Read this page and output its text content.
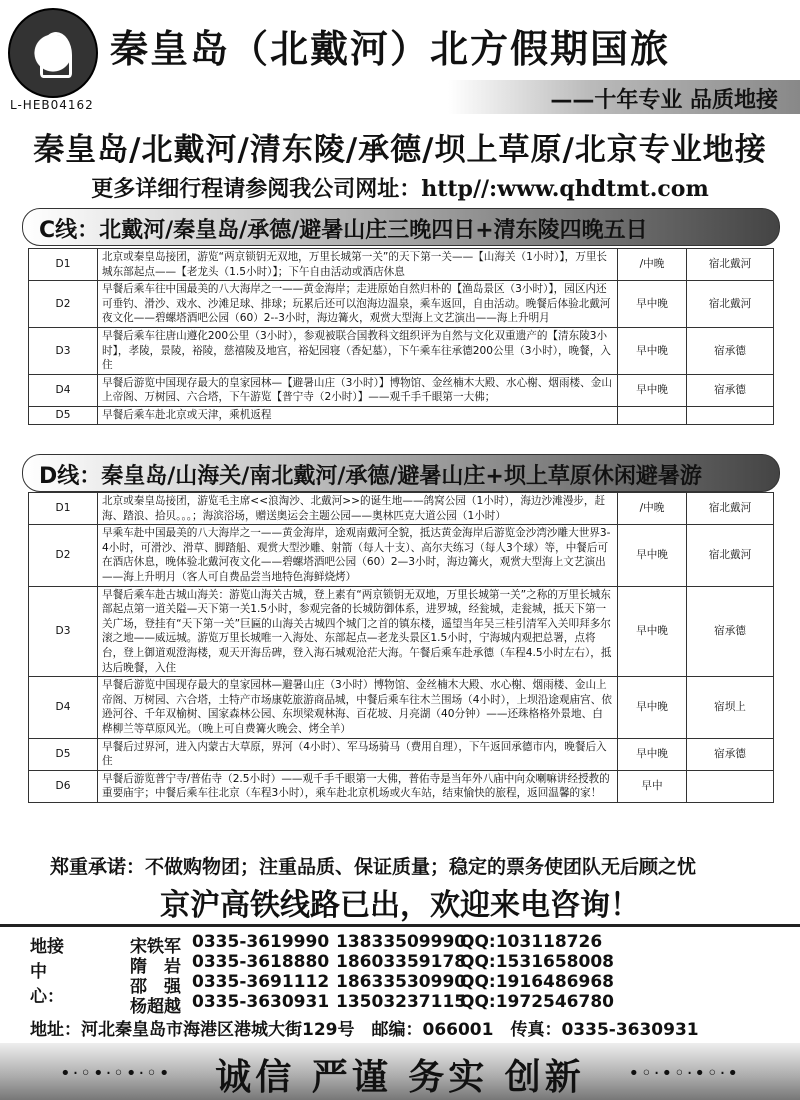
L-HEB04162
秦皇岛（北戴河）北方假期国旅
——十年专业 品质地接
秦皇岛/北戴河/清东陵/承德/坝上草原/北京专业地接
更多详细行程请参阅我公司网址：http//:www.qhdtmt.com
C线：北戴河/秦皇岛/承德/避暑山庄三晚四日+清东陵四晚五日
D1	北京或秦皇岛接团，游览“两京锁钥无双地，万里长城第一关”的天下第一关——【山海关（1小时）】，万里长城东部起点——【老龙头（1.5小时）】；下午自由活动或酒店休息	/中晚	宿北戴河
D2	早餐后乘车往中国最美的八大海岸之一——黄金海岸；走进原始自然归朴的【渔岛景区（3小时）】，园区内还可垂钓、滑沙、戏水、沙滩足球、排球；玩累后还可以泡海边温泉，乘车返回，自由活动。晚餐后体验北戴河夜文化——碧螺塔酒吧公园（60）2--3小时，海边篝火，观赏大型海上文艺演出——海上升明月	早中晚	宿北戴河
D3	早餐后乘车往唐山遵化200公里（3小时），参观被联合国教科文组织评为自然与文化双重遗产的【清东陵3小时】，孝陵，景陵，裕陵，慈禧陵及地宫，裕妃园寝（香妃墓），下午乘车往承德200公里（3小时），晚餐，入住	早中晚	宿承德
D4	早餐后游览中国现存最大的皇家园林—【避暑山庄（3小时）】博物馆、金丝楠木大殿、水心榭、烟雨楼、金山上帝阁、万树园、六合塔，下午游览【普宁寺（2小时）】——观千手千眼第一大佛；	早中晚	宿承德
D5	早餐后乘车赴北京或天津，乘机返程		
D线：秦皇岛/山海关/南北戴河/承德/避暑山庄+坝上草原休闲避暑游
D1	北京或秦皇岛接团，游览毛主席<<浪淘沙、北戴河>>的诞生地——鸽窝公园（1小时），海边沙滩漫步，赶海、踏浪、拾贝。。。；海滨浴场，赠送奥运会主题公园——奥林匹克大道公园（1小时）	/中晚	宿北戴河
D2	早乘车赴中国最美的八大海岸之一——黄金海岸，途观南戴河全貌，抵达黄金海岸后游览金沙湾沙雕大世界3-4小时，可滑沙、滑草、脚踏船、观赏大型沙雕、射箭（每人十支）、高尔夫练习（每人3个球）等，中餐后可在酒店休息，晚体验北戴河夜文化——碧螺塔酒吧公园（60）2—3小时，海边篝火，观赏大型海上文艺演出——海上升明月（客人可自费品尝当地特色海鲜烧烤）	早中晚	宿北戴河
D3	早餐后乘车赴古城山海关：游览山海关古城，登上素有“两京锁钥无双地，万里长城第一关”之称的万里长城东部起点第一道关隘—天下第一关1.5小时，参观完备的长城防御体系，进罗城，经瓮城，走瓮城，抵天下第一关广场，登挂有“天下第一关”巨匾的山海关古城四个城门之首的镇东楼，遥望当年吴三桂引清军入关叩拜多尔滚之地——威远城。游览万里长城唯一入海处、东部起点—老龙头景区1.5小时，宁海城内观把总署，点将台，登上御道观澄海楼，观天开海岳碑，登入海石城观沧茫大海。午餐后乘车赴承德（车程4.5小时左右），抵达后晚餐，入住	早中晚	宿承德
D4	早餐后游览中国现存最大的皇家园林—避暑山庄（3小时）博物馆、金丝楠木大殿、水心榭、烟雨楼、金山上帝阁、万树园、六合塔，土特产市场康乾旅游商品城，中餐后乘车往木兰围场（4小时），上坝沿途观庙宫、依逊河谷、千年双榆树、国家森林公园、东坝梁观林海、百花坡、月亮湖（40分钟）——还珠格格外景地、白桦柳兰等草原风光。（晚上可自费篝火晚会、烤全羊）	早中晚	宿坝上
D5	早餐后过界河，进入内蒙古大草原，界河（4小时）、军马场骑马（费用自理），下午返回承德市内，晚餐后入住	早中晚	宿承德
D6	早餐后游览普宁寺/普佑寺（2.5小时）——观千手千眼第一大佛，普佑寺是当年外八庙中向众喇嘛讲经授教的重要庙宇；中餐后乘车往北京（车程3小时），乘车赴北京机场或火车站，结束愉快的旅程，返回温馨的家！	早中	
郑重承诺：不做购物团；注重品质、保证质量；稳定的票务使团队无后顾之忧
京沪高铁线路已出，欢迎来电咨询！
地接中心：
宋铁军 0335-3619990 13833509990
QQ:103118726
隋　岩 0335-3618880 18603359178
QQ:1531658008
邵　强 0335-3691112 18633530990
QQ:1916486968
杨超越 0335-3630931 13503237115
QQ:1972546780
地址：河北秦皇岛市海港区港城大街129号　邮编：066001　传真：0335-3630931
•·◦•·◦•·◦•	诚信 严谨 务实 创新	•◦·•◦·•◦·•
